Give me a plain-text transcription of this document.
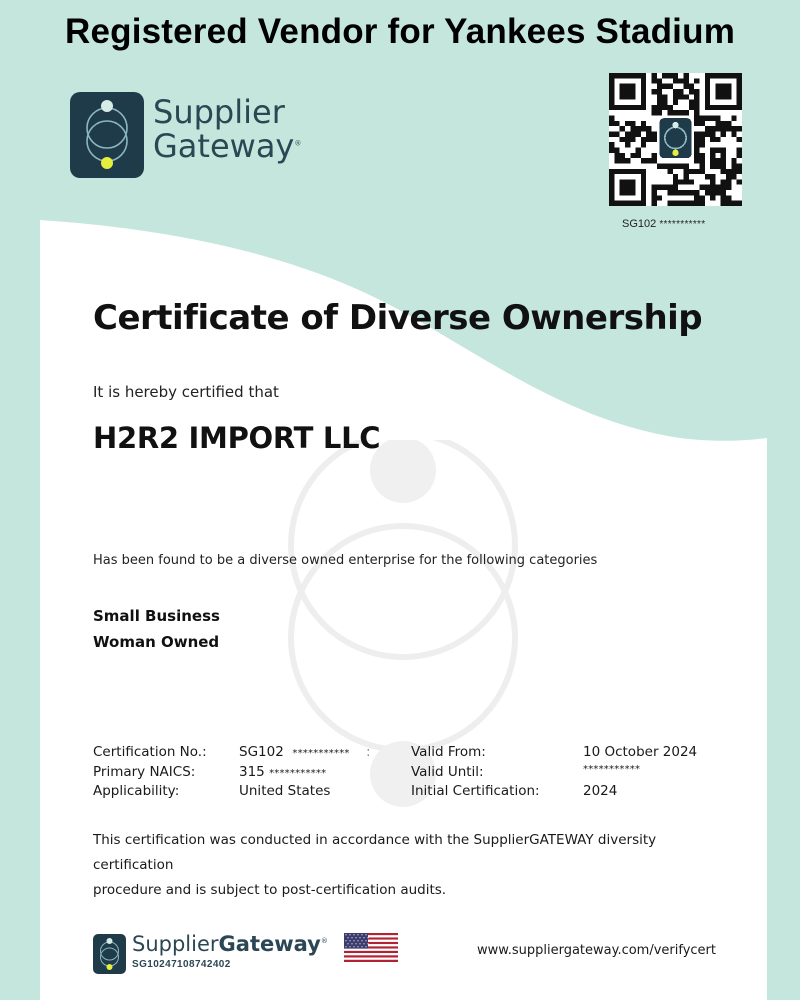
Registered Vendor for Yankees Stadium
Supplier
Gateway®
SG102 ***********
Certificate of Diverse Ownership
It is hereby certified that
H2R2 IMPORT LLC
Has been found to be a diverse owned enterprise for the following categories
Small Business
Woman Owned
Certification No.: SG102 *********** :	Valid From:	10 October 2024
Primary NAICS:	315 ***********	Valid Until:	***********
Applicability:	United States	Initial Certification:	2024
This certification was conducted in accordance with the SupplierGATEWAY diversity certification
procedure and is subject to post-certification audits.
SupplierGateway®
SG10247108742402
www.suppliergateway.com/verifycert
